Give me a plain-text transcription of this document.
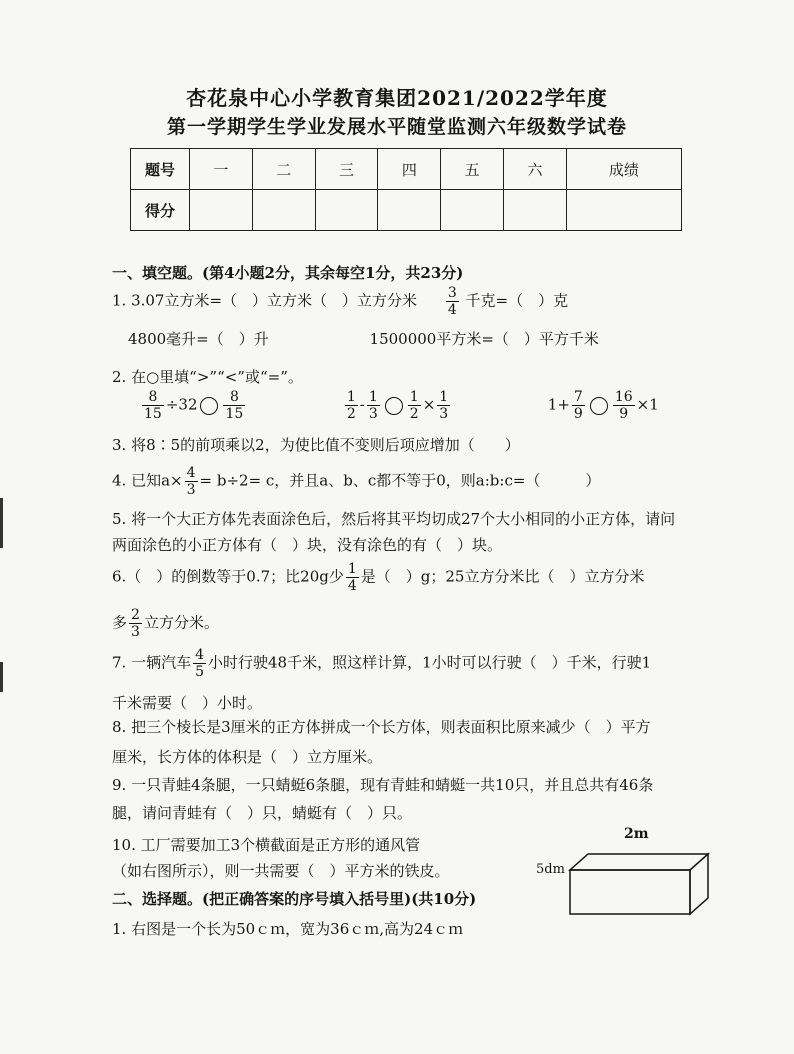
杏花泉中心小学教育集团2021/2022学年度
第一学期学生学业发展水平随堂监测六年级数学试卷
题号	一	二	三	四	五	六	成绩
得分							
一、填空题。(第4小题2分，其余每空1分，共23分)
1. 3.07立方米=（　）立方米（　）立方分米 $\frac{3}{4}$ 千克=（　）克
4800毫升=（　）升	1500000平方米=（　）平方千米
2. 在○里填“>”“<”或“=”。
$\frac{8}{15} \div 32 \frac{8}{15}$
	$\frac{1}{2} - \frac{1}{3} \frac{1}{2} \times \frac{1}{3}$	$1+ \frac{7}{9} \frac{16}{9} \times 1$
3. 将8∶5的前项乘以2，为使比值不变则后项应增加（　　）
4. 已知$a\times \frac{4}{3} = b\div 2= c$，并且a、b、c都不等于0，则a:b:c=（　　　）
5. 将一个大正方体先表面涂色后，然后将其平均切成27个大小相同的小正方体，请问
两面涂色的小正方体有（　）块，没有涂色的有（　）块。
6.（　）的倒数等于0.7；比20g少 $\frac{1}{4}$ 是（　）g；25立方分米比（　）立方分米
多 $\frac{2}{3}$ 立方分米。
7. 一辆汽车 $\frac{4}{5}$ 小时行驶48千米，照这样计算，1小时可以行驶（　）千米，行驶1
千米需要（　）小时。
8. 把三个棱长是3厘米的正方体拼成一个长方体，则表面积比原来减少（　）平方
厘米，长方体的体积是（　）立方厘米。
9. 一只青蛙4条腿，一只蜻蜓6条腿，现有青蛙和蜻蜓一共10只，并且总共有46条
腿，请问青蛙有（　）只，蜻蜓有（　）只。
10. 工厂需要加工3个横截面是正方形的通风管
（如右图所示），则一共需要（　）平方米的铁皮。
2m
5dm
二、选择题。(把正确答案的序号填入括号里)(共10分)
1. 右图是一个长为50ｃｍ，宽为36ｃｍ,高为24ｃｍ
